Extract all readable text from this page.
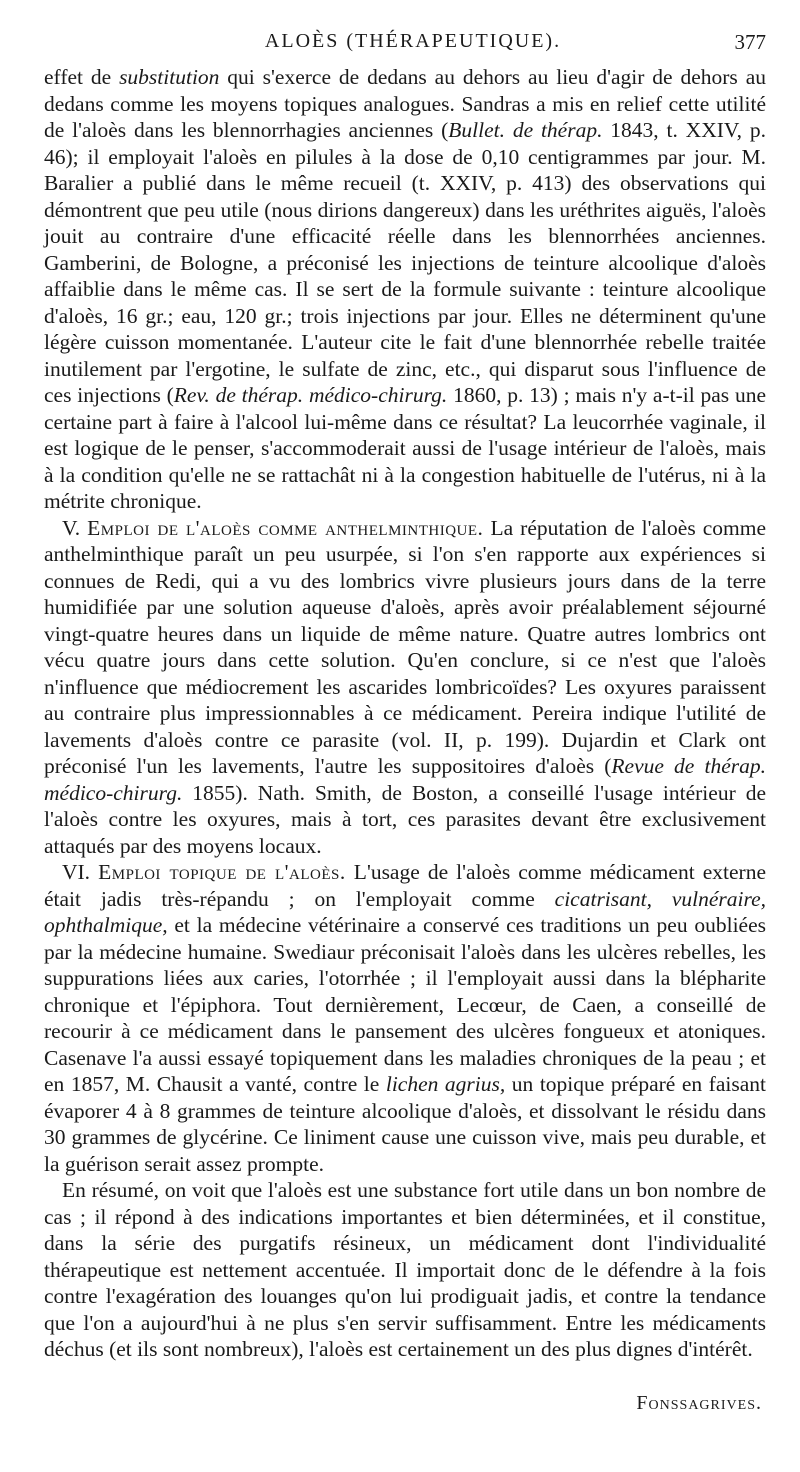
ALOÈS (THÉRAPEUTIQUE).	377

effet de substitution qui s'exerce de dedans au dehors au lieu d'agir de dehors au dedans comme les moyens topiques analogues. Sandras a mis en relief cette utilité de l'aloès dans les blennorrhagies anciennes (Bullet. de thérap. 1843, t. XXIV, p. 46); il employait l'aloès en pilules à la dose de 0,10 centigrammes par jour. M. Baralier a publié dans le même recueil (t. XXIV, p. 413) des observations qui démontrent que peu utile (nous dirions dangereux) dans les uréthrites aiguës, l'aloès jouit au contraire d'une efficacité réelle dans les blennorrhées anciennes. Gamberini, de Bologne, a préconisé les injections de teinture alcoolique d'aloès affaiblie dans le même cas. Il se sert de la formule suivante : teinture alcoolique d'aloès, 16 gr.; eau, 120 gr.; trois injections par jour. Elles ne déterminent qu'une légère cuisson momentanée. L'auteur cite le fait d'une blennorrhée rebelle traitée inutilement par l'ergotine, le sulfate de zinc, etc., qui disparut sous l'influence de ces injections (Rev. de thérap. médico-chirurg. 1860, p. 13) ; mais n'y a-t-il pas une certaine part à faire à l'alcool lui-même dans ce résultat? La leucorrhée vaginale, il est logique de le penser, s'accommoderait aussi de l'usage intérieur de l'aloès, mais à la condition qu'elle ne se rattachât ni à la congestion habituelle de l'utérus, ni à la métrite chronique.

V. Emploi de l'aloès comme anthelminthique. La réputation de l'aloès comme anthelminthique paraît un peu usurpée, si l'on s'en rapporte aux expériences si connues de Redi, qui a vu des lombrics vivre plusieurs jours dans de la terre humidifiée par une solution aqueuse d'aloès, après avoir préalablement séjourné vingt-quatre heures dans un liquide de même nature. Quatre autres lombrics ont vécu quatre jours dans cette solution. Qu'en conclure, si ce n'est que l'aloès n'influence que médiocrement les ascarides lombricoïdes? Les oxyures paraissent au contraire plus impressionnables à ce médicament. Pereira indique l'utilité de lavements d'aloès contre ce parasite (vol. II, p. 199). Dujardin et Clark ont préconisé l'un les lavements, l'autre les suppositoires d'aloès (Revue de thérap. médico-chirurg. 1855). Nath. Smith, de Boston, a conseillé l'usage intérieur de l'aloès contre les oxyures, mais à tort, ces parasites devant être exclusivement attaqués par des moyens locaux.

VI. Emploi topique de l'aloès. L'usage de l'aloès comme médicament externe était jadis très-répandu ; on l'employait comme cicatrisant, vulnéraire, ophthalmique, et la médecine vétérinaire a conservé ces traditions un peu oubliées par la médecine humaine. Swediaur préconisait l'aloès dans les ulcères rebelles, les suppurations liées aux caries, l'otorrhée ; il l'employait aussi dans la blépharite chronique et l'épiphora. Tout dernièrement, Lecœur, de Caen, a conseillé de recourir à ce médicament dans le pansement des ulcères fongueux et atoniques. Casenave l'a aussi essayé topiquement dans les maladies chroniques de la peau ; et en 1857, M. Chausit a vanté, contre le lichen agrius, un topique préparé en faisant évaporer 4 à 8 grammes de teinture alcoolique d'aloès, et dissolvant le résidu dans 30 grammes de glycérine. Ce liniment cause une cuisson vive, mais peu durable, et la guérison serait assez prompte.

En résumé, on voit que l'aloès est une substance fort utile dans un bon nombre de cas ; il répond à des indications importantes et bien déterminées, et il constitue, dans la série des purgatifs résineux, un médicament dont l'individualité thérapeutique est nettement accentuée. Il importait donc de le défendre à la fois contre l'exagération des louanges qu'on lui prodiguait jadis, et contre la tendance que l'on a aujourd'hui à ne plus s'en servir suffisamment. Entre les médicaments déchus (et ils sont nombreux), l'aloès est certainement un des plus dignes d'intérêt.

Fonssagrives.
